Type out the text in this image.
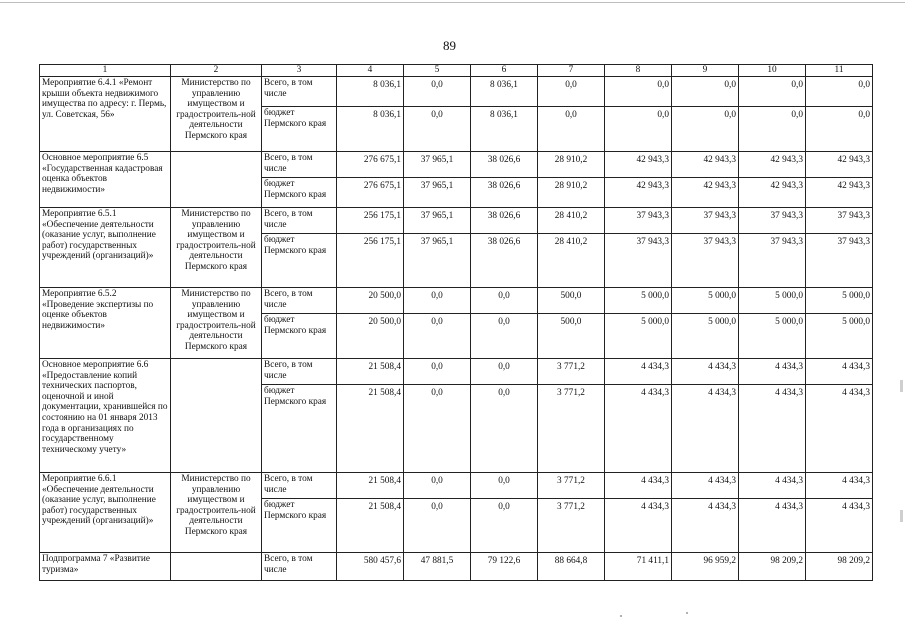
89
1	2	3	4	5	6	7	8	9	10	11
Мероприятие 6.4.1 «Ремонт крыши объекта недвижимого имущества по адресу: г. Пермь, ул. Советская, 56»	Министерство по управлению имуществом и градостроитель-ной деятельности Пермского края	Всего, в том числе	8 036,1	0,0	8 036,1	0,0	0,0	0,0	0,0	0,0
		бюджет Пермского края	8 036,1	0,0	8 036,1	0,0	0,0	0,0	0,0	0,0
Основное мероприятие 6.5 «Государственная кадастровая оценка объектов недвижимости»		Всего, в том числе	276 675,1	37 965,1	38 026,6	28 910,2	42 943,3	42 943,3	42 943,3	42 943,3
		бюджет Пермского края	276 675,1	37 965,1	38 026,6	28 910,2	42 943,3	42 943,3	42 943,3	42 943,3
Мероприятие 6.5.1 «Обеспечение деятельности (оказание услуг, выполнение работ) государственных учреждений (организаций)»	Министерство по управлению имуществом и градостроитель-ной деятельности Пермского края	Всего, в том числе	256 175,1	37 965,1	38 026,6	28 410,2	37 943,3	37 943,3	37 943,3	37 943,3
		бюджет Пермского края	256 175,1	37 965,1	38 026,6	28 410,2	37 943,3	37 943,3	37 943,3	37 943,3
Мероприятие 6.5.2 «Проведение экспертизы по оценке объектов недвижимости»	Министерство по управлению имуществом и градостроитель-ной деятельности Пермского края	Всего, в том числе	20 500,0	0,0	0,0	500,0	5 000,0	5 000,0	5 000,0	5 000,0
		бюджет Пермского края	20 500,0	0,0	0,0	500,0	5 000,0	5 000,0	5 000,0	5 000,0
Основное мероприятие 6.6 «Предоставление копий технических паспортов, оценочной и иной документации, хранившейся по состоянию на 01 января 2013 года в организациях по государственному техническому учету»		Всего, в том числе	21 508,4	0,0	0,0	3 771,2	4 434,3	4 434,3	4 434,3	4 434,3
		бюджет Пермского края	21 508,4	0,0	0,0	3 771,2	4 434,3	4 434,3	4 434,3	4 434,3
Мероприятие 6.6.1 «Обеспечение деятельности (оказание услуг, выполнение работ) государственных учреждений (организаций)»	Министерство по управлению имуществом и градостроитель-ной деятельности Пермского края	Всего, в том числе	21 508,4	0,0	0,0	3 771,2	4 434,3	4 434,3	4 434,3	4 434,3
		бюджет Пермского края	21 508,4	0,0	0,0	3 771,2	4 434,3	4 434,3	4 434,3	4 434,3
Подпрограмма 7 «Развитие туризма»		Всего, в том числе	580 457,6	47 881,5	79 122,6	88 664,8	71 411,1	96 959,2	98 209,2	98 209,2
